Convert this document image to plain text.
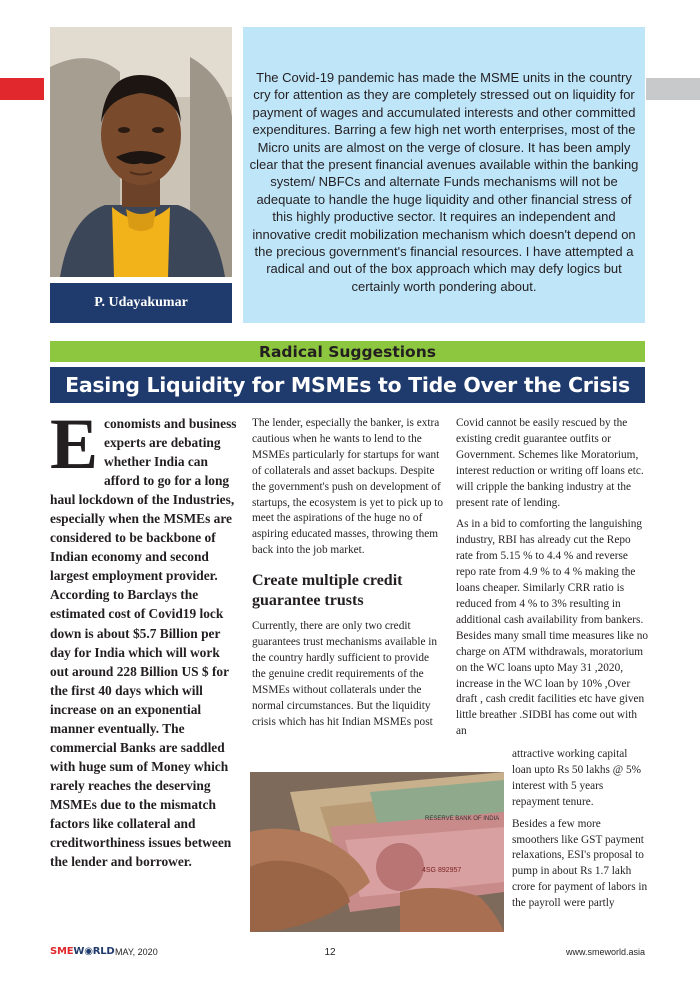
P. Udayakumar
The Covid-19 pandemic has made the MSME units in the country cry for attention as they are completely stressed out on liquidity for payment of wages and accumulated interests and other committed expenditures. Barring a few high net worth enterprises, most of the Micro units are almost on the verge of closure. It has been amply clear that the present financial avenues available within the banking system/ NBFCs and alternate Funds mechanisms will not be adequate to handle the huge liquidity and other financial stress of this highly productive sector. It requires an independent and innovative credit mobilization mechanism which doesn't depend on the precious government's financial resources. I have attempted a radical and out of the box approach which may defy logics but certainly worth pondering about.
Radical Suggestions
Easing Liquidity for MSMEs to Tide Over the Crisis
E conomists and business experts are debating whether India can afford to go for a long haul lockdown of the Industries, especially when the MSMEs are considered to be backbone of Indian economy and second largest employment provider. According to Barclays the estimated cost of Covid19 lock down is about $5.7 Billion per day for India which will work out around 228 Billion US $ for the first 40 days which will increase on an exponential manner eventually. The commercial Banks are saddled with huge sum of Money which rarely reaches the deserving MSMEs due to the mismatch factors like collateral and creditworthiness issues between the lender and borrower.

The lender, especially the banker, is extra cautious when he wants to lend to the MSMEs particularly for startups for want of collaterals and asset backups. Despite the government's push on development of startups, the ecosystem is yet to pick up to meet the aspirations of the huge no of aspiring educated masses, throwing them back into the job market.

Create multiple credit guarantee trusts

Currently, there are only two credit guarantees trust mechanisms available in the country hardly sufficient to provide the genuine credit requirements of the MSMEs without collaterals under the normal circumstances. But the liquidity crisis which has hit Indian MSMEs post

Covid cannot be easily rescued by the existing credit guarantee outfits or Government. Schemes like Moratorium, interest reduction or writing off loans etc. will cripple the banking industry at the present rate of lending.

As in a bid to comforting the languishing industry, RBI has already cut the Repo rate from 5.15 % to 4.4 % and reverse repo rate from 4.9 % to 4 % making the loans cheaper. Similarly CRR ratio is reduced from 4 % to 3% resulting in additional cash availability from bankers. Besides many small time measures like no charge on ATM withdrawals, moratorium on the WC loans upto May 31 ,2020, increase in the WC loan by 10% ,Over draft , cash credit facilities etc have given little breather .SIDBI has come out with an

attractive working capital loan upto Rs 50 lakhs @ 5% interest with 5 years repayment tenure.

Besides a few more smoothers like GST payment relaxations, ESI's proposal to pump in about Rs 1.7 lakh crore for payment of labors in the payroll were partly

RESERVE BANK OF INDIA
4SG 892957
SMEW◉RLD MAY, 2020	12	www.smeworld.asia
